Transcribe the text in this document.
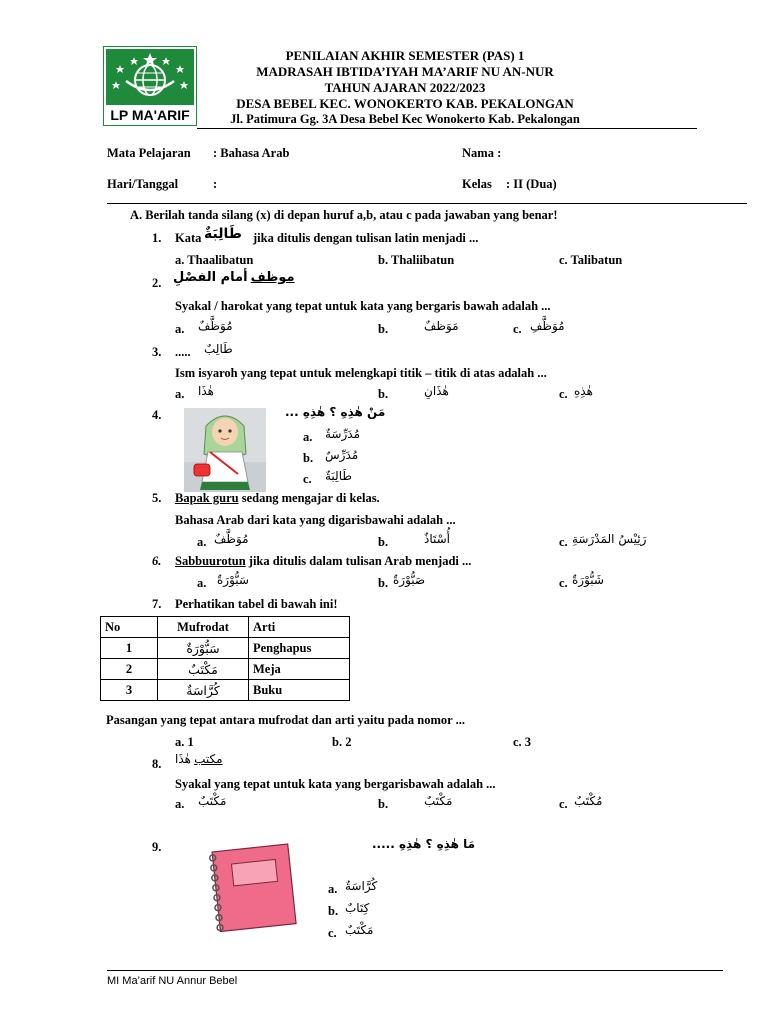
LP MA'ARIF
PENILAIAN AKHIR SEMESTER (PAS) 1
MADRASAH IBTIDA’IYAH MA’ARIF NU AN-NUR
TAHUN AJARAN 2022/2023
DESA BEBEL KEC. WONOKERTO KAB. PEKALONGAN
Jl. Patimura Gg. 3A Desa Bebel Kec Wonokerto Kab. Pekalongan
Mata Pelajaran : Bahasa Arab	Nama :
Hari/Tanggal	:	Kelas : II (Dua)
A. Berilah tanda silang (x) di depan huruf a,b, atau c pada jawaban yang benar!
1. Kata طَالِبَةٌ jika ditulis dengan tulisan latin menjadi ...
a. Thaalibatun	b. Thaliibatun	c. Talibatun
2.	موظف أمام الفصْلِ
Syakal / harokat yang tepat untuk kata yang bergaris bawah adalah ...
a. مُوَظَّفٌ	b.	مَوَظفٌ	c. مُوَظَّفِ
3. ..... طَالِبٌ
Ism isyaroh yang tepat untuk melengkapi titik – titik di atas adalah ...
a. هٰذَا	b.	هٰذَانِ	c. هٰذِهِ
4.	مَنْ هٰذِهِ ؟ هٰذِهِ ...
a. مُدَرِّسَةٌ
b. مُدَرِّسٌ
c. طَالِبَةٌ
5. Bapak guru sedang mengajar di kelas.
Bahasa Arab dari kata yang digarisbawahi adalah ...
a. مُوَظَّفٌ	b.	أُسْتَاذٌ	c. رَئِيْسُ المَدْرَسَةِ
6. Sabbuurotun jika ditulis dalam tulisan Arab menjadi ...
a. سَبُّوْرَةٌ	b. صَبُّوْرَةٌ	c. شَبُّوْرَةٌ
7. Perhatikan tabel di bawah ini!
No	Mufrodat	Arti
1	سَبُّوْرَةٌ	Penghapus
2	مَكْتَبٌ	Meja
3	كُرَّاسَةٌ	Buku
Pasangan yang tepat antara mufrodat dan arti yaitu pada nomor ...
a. 1	b. 2	c. 3
8.	مكتب هٰذَا
Syakal yang tepat untuk kata yang bergarisbawah adalah ...
a. مَكْتَبٌ	b.	مَكْتَبٌ	c. مُكْتَبٌ
9.	مَا هٰذِهِ ؟ هٰذِهِ .....
a. كُرَّاسَةٌ
b. كِتَابٌ
c. مَكْتَبٌ
MI Ma’arif NU Annur Bebel
